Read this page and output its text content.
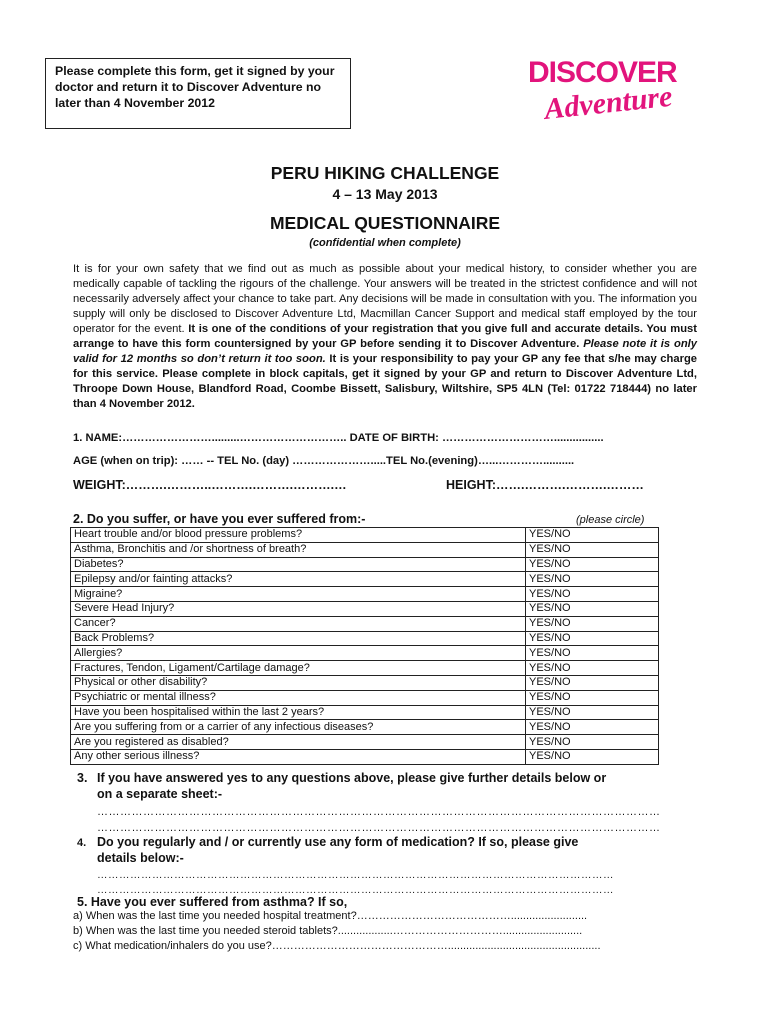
Please complete this form, get it signed by your doctor and return it to Discover Adventure no later than 4 November 2012
DISCOVER
Adventure
PERU HIKING CHALLENGE
4 – 13 May 2013
MEDICAL QUESTIONNAIRE
(confidential when complete)
It is for your own safety that we find out as much as possible about your medical history, to consider whether you are medically capable of tackling the rigours of the challenge. Your answers will be treated in the strictest confidence and will not necessarily adversely affect your chance to take part. Any decisions will be made in consultation with you. The information you supply will only be disclosed to Discover Adventure Ltd, Macmillan Cancer Support and medical staff employed by the tour operator for the event. It is one of the conditions of your registration that you give full and accurate details. You must arrange to have this form countersigned by your GP before sending it to Discover Adventure. Please note it is only valid for 12 months so don’t return it too soon. It is your responsibility to pay your GP any fee that s/he may charge for this service. Please complete in block capitals, get it signed by your GP and return to Discover Adventure Ltd, Throope Down House, Blandford Road, Coombe Bissett, Salisbury, Wiltshire, SP5 4LN (Tel: 01722 718444) no later than 4 November 2012.
1. NAME:…………………….........……………………….. DATE OF BIRTH: …………………………................
AGE (when on trip): …… -- TEL No. (day) ………………….....TEL No.(evening)…...…………..........
WEIGHT:……….………..……….……….……….…	HEIGHT:…….……….……….………
2. Do you suffer, or have you ever suffered from:-	(please circle)
Heart trouble and/or blood pressure problems?	YES/NO
Asthma, Bronchitis and /or shortness of breath?	YES/NO
Diabetes?	YES/NO
Epilepsy and/or fainting attacks?	YES/NO
Migraine?	YES/NO
Severe Head Injury?	YES/NO
Cancer?	YES/NO
Back Problems?	YES/NO
Allergies?	YES/NO
Fractures, Tendon, Ligament/Cartilage damage?	YES/NO
Physical or other disability?	YES/NO
Psychiatric or mental illness?	YES/NO
Have you been hospitalised within the last 2 years?	YES/NO
Are you suffering from or a carrier of any infectious diseases?	YES/NO
Are you registered as disabled?	YES/NO
Any other serious illness?	YES/NO
3. If you have answered yes to any questions above, please give further details below or
on a separate sheet:-
…………………………………………………………………………………………………………………………………
…………………………………………………………………………………………………………………………………
4. Do you regularly and / or currently use any form of medication? If so, please give
details below:-
……………………………………………………………………………………………………………………………
……………………………………………………………………………………………………………………………
5. Have you ever suffered from asthma? If so,
a) When was the last time you needed hospital treatment?…………………………………….........................
b) When was the last time you needed steroid tablets?..................…………………………..........................
c) What medication/inhalers do you use?…………………………………………..................................................
